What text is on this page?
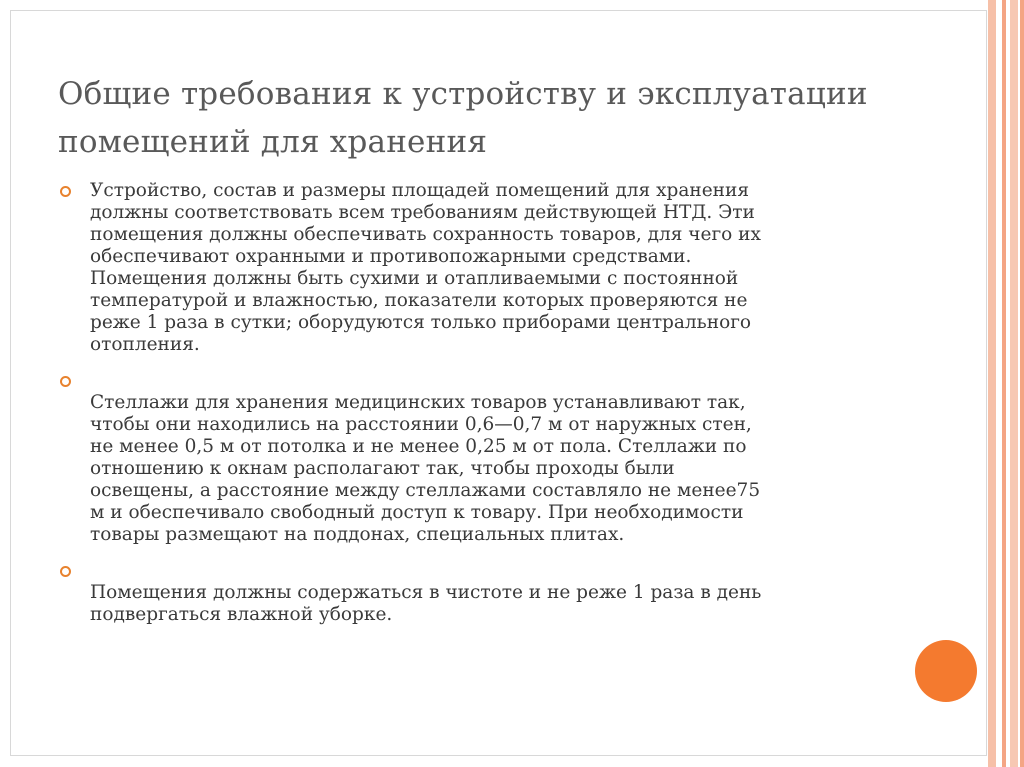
Общие требования к устройству и эксплуатации помещений для хранения
Устройство, состав и размеры площадей помещений для хранения
должны соответствовать всем требованиям действующей НТД. Эти
помещения должны обеспечивать сохранность товаров, для чего их
обеспечивают охранными и противопожарными средствами.
Помещения должны быть сухими и отапливаемыми с постоянной
температурой и влажностью, показатели которых проверяются не
реже 1 раза в сутки; оборудуются только приборами центрального
отопления.
Стеллажи для хранения медицинских товаров устанавливают так,
чтобы они находились на расстоянии 0,6—0,7 м от наружных стен,
не менее 0,5 м от потолка и не менее 0,25 м от пола. Стеллажи по
отношению к окнам располагают так, чтобы проходы были
освещены, а расстояние между стеллажами составляло не менее75
м и обеспечивало свободный доступ к товару. При необходимости
товары размещают на поддонах, специальных плитах.
Помещения должны содержаться в чистоте и не реже 1 раза в день
подвергаться влажной уборке.
